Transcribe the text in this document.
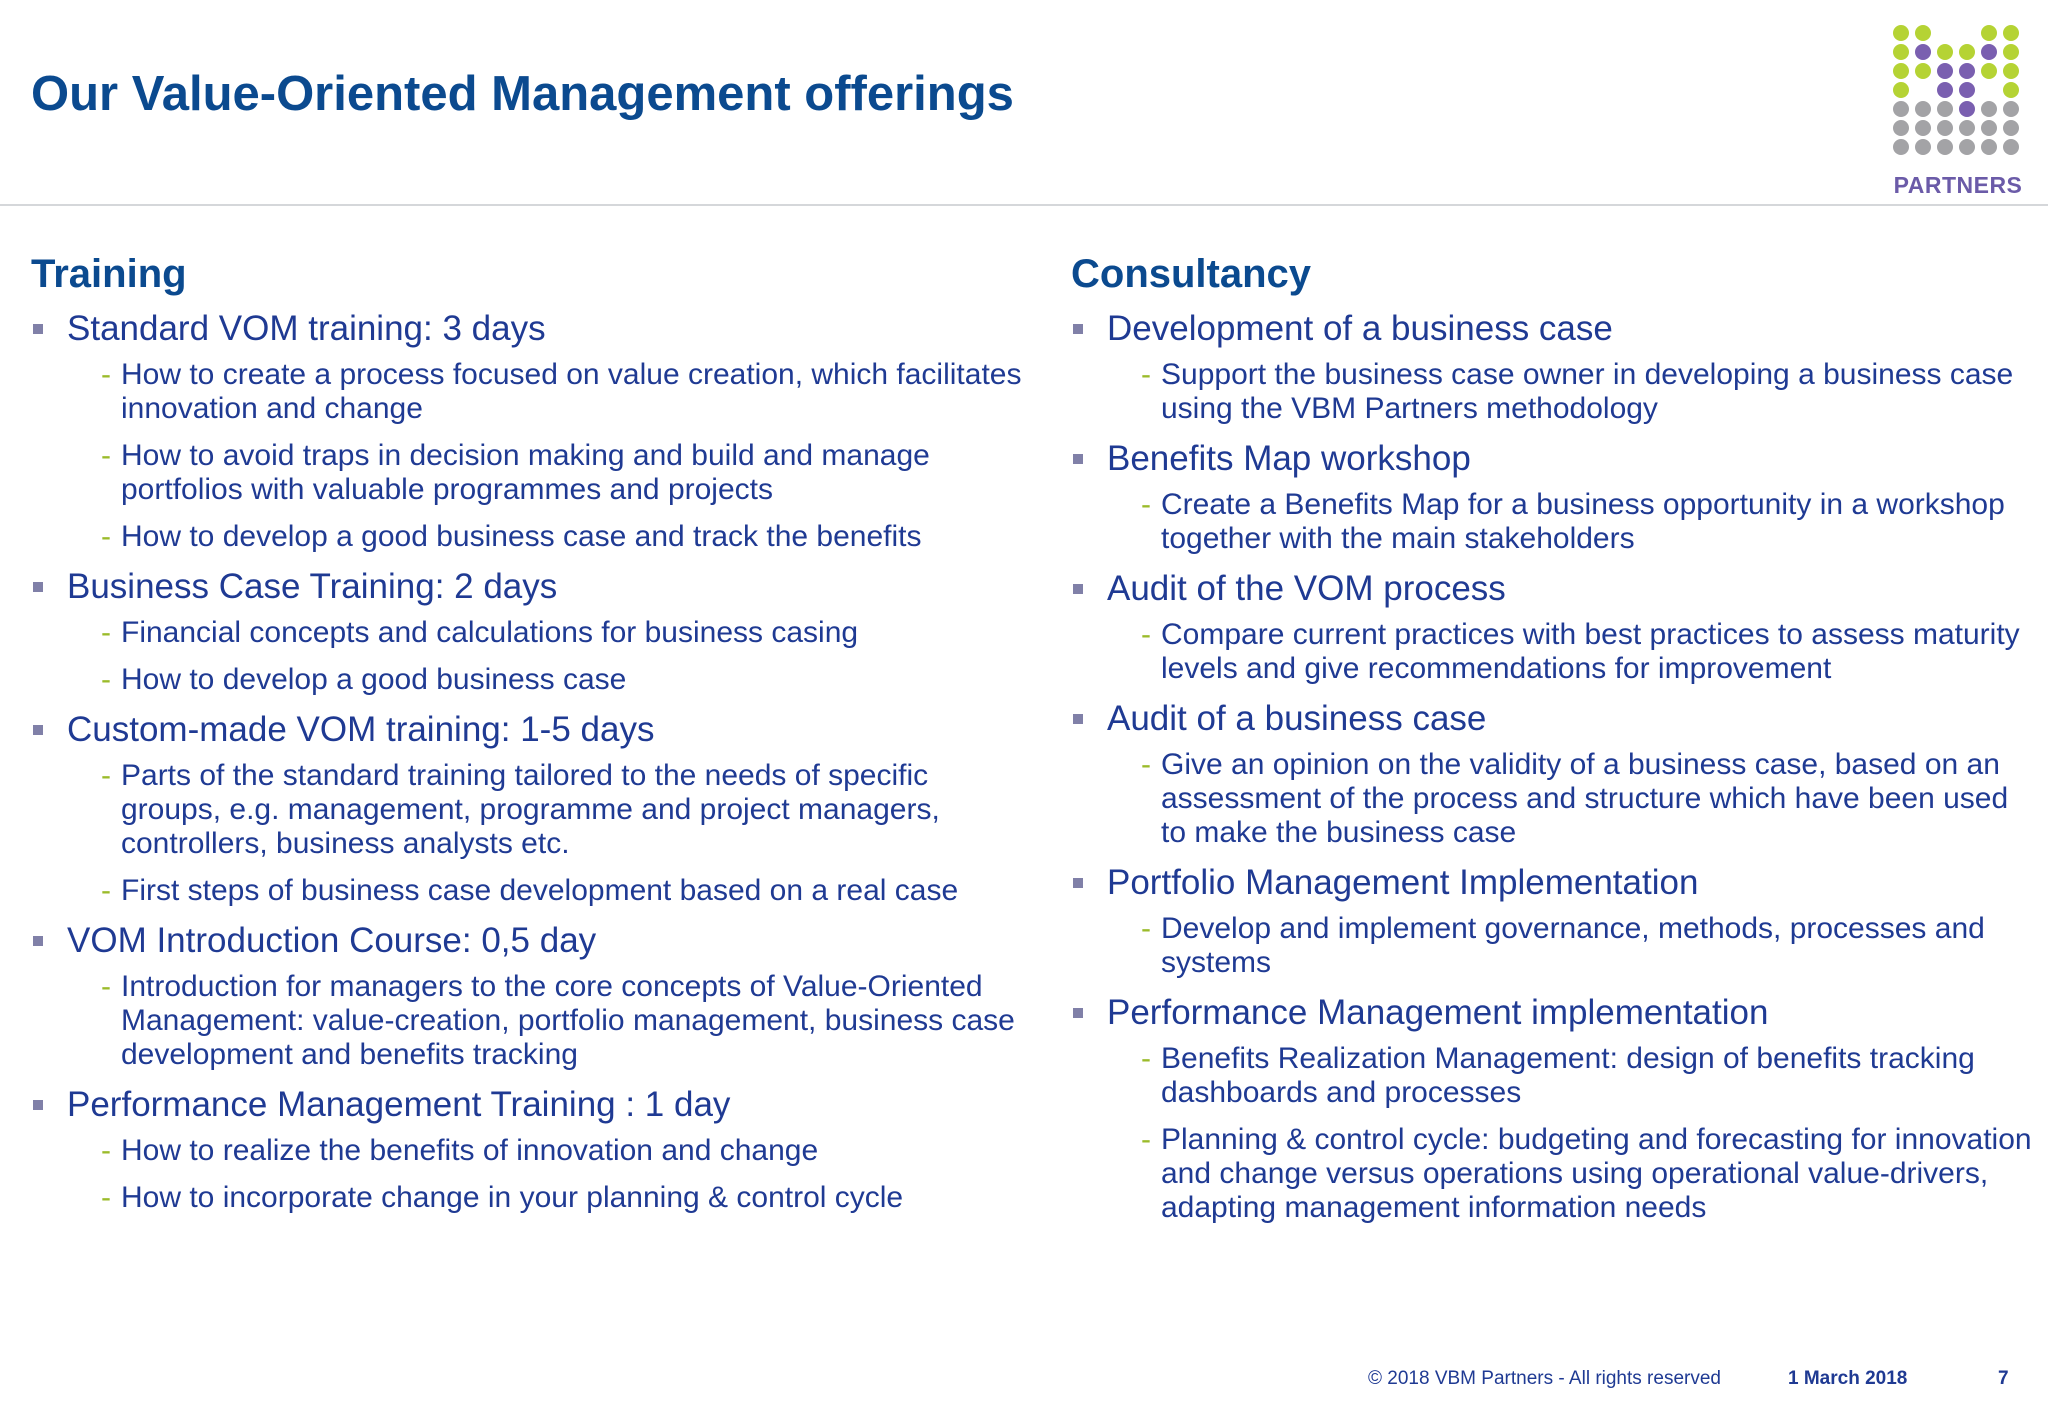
Our Value-Oriented Management offerings
PARTNERS
Training
Standard VOM training: 3 days
- How to create a process focused on value creation, which facilitates innovation and change
- How to avoid traps in decision making and build and manage portfolios with valuable programmes and projects
- How to develop a good business case and track the benefits
Business Case Training: 2 days
- Financial concepts and calculations for business casing
- How to develop a good business case
Custom-made VOM training: 1-5 days
- Parts of the standard training tailored to the needs of specific groups, e.g. management, programme and project managers, controllers, business analysts etc.
- First steps of business case development based on a real case
VOM Introduction Course: 0,5 day
- Introduction for managers to the core concepts of Value-Oriented Management: value-creation, portfolio management, business case development and benefits tracking
Performance Management Training : 1 day
- How to realize the benefits of innovation and change
- How to incorporate change in your planning & control cycle
Consultancy
Development of a business case
- Support the business case owner in developing a business case using the VBM Partners methodology
Benefits Map workshop
- Create a Benefits Map for a business opportunity in a workshop together with the main stakeholders
Audit of the VOM process
- Compare current practices with best practices to assess maturity levels and give recommendations for improvement
Audit of a business case
- Give an opinion on the validity of a business case, based on an assessment of the process and structure which have been used to make the business case
Portfolio Management Implementation
- Develop and implement governance, methods, processes and systems
Performance Management implementation
- Benefits Realization Management: design of benefits tracking dashboards and processes
- Planning & control cycle: budgeting and forecasting for innovation and change versus operations using operational value-drivers, adapting management information needs
© 2018 VBM Partners - All rights reserved	1 March 2018	7
